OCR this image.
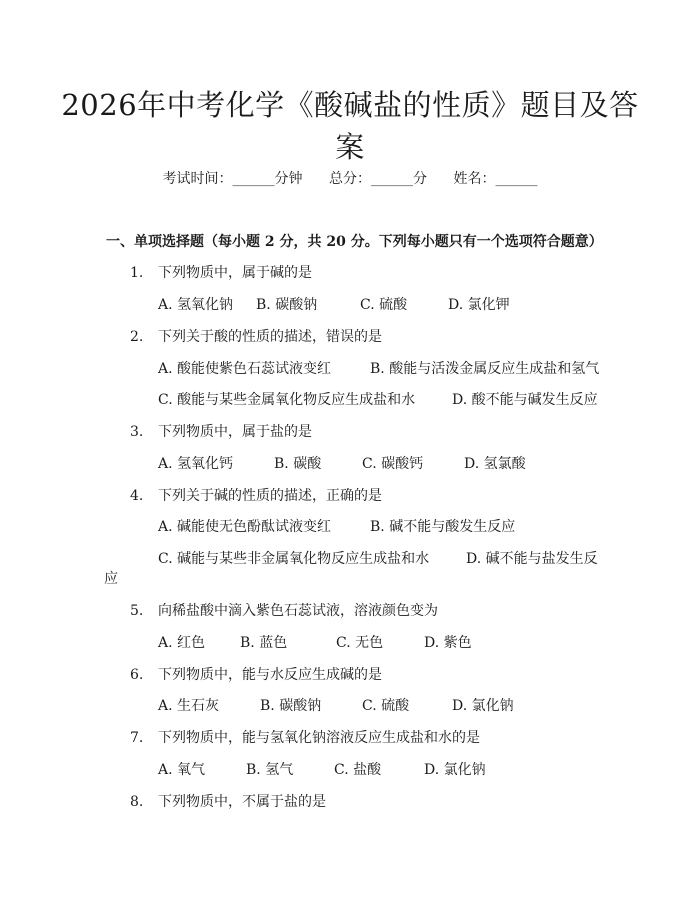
2026年中考化学《酸碱盐的性质》题目及答案
考试时间：______分钟 总分：______分 姓名：______
一、单项选择题（每小题 2 分，共 20 分。下列每小题只有一个选项符合题意）
1. 下列物质中，属于碱的是
A. 氢氧化钠 B. 碳酸钠	C. 硫酸	D. 氯化钾
2. 下列关于酸的性质的描述，错误的是
A. 酸能使紫色石蕊试液变红	B. 酸能与活泼金属反应生成盐和氢气
C. 酸能与某些金属氧化物反应生成盐和水	D. 酸不能与碱发生反应
3. 下列物质中，属于盐的是
A. 氢氧化钙	B. 碳酸	C. 碳酸钙	D. 氢氯酸
4. 下列关于碱的性质的描述，正确的是
A. 碱能使无色酚酞试液变红	B. 碱不能与酸发生反应
C. 碱能与某些非金属氧化物反应生成盐和水	D. 碱不能与盐发生反
应
5. 向稀盐酸中滴入紫色石蕊试液，溶液颜色变为
A. 红色 B. 蓝色	C. 无色	D. 紫色
6. 下列物质中，能与水反应生成碱的是
A. 生石灰	B. 碳酸钠	C. 硫酸	D. 氯化钠
7. 下列物质中，能与氢氧化钠溶液反应生成盐和水的是
A. 氧气	B. 氢气	C. 盐酸	D. 氯化钠
8. 下列物质中，不属于盐的是
